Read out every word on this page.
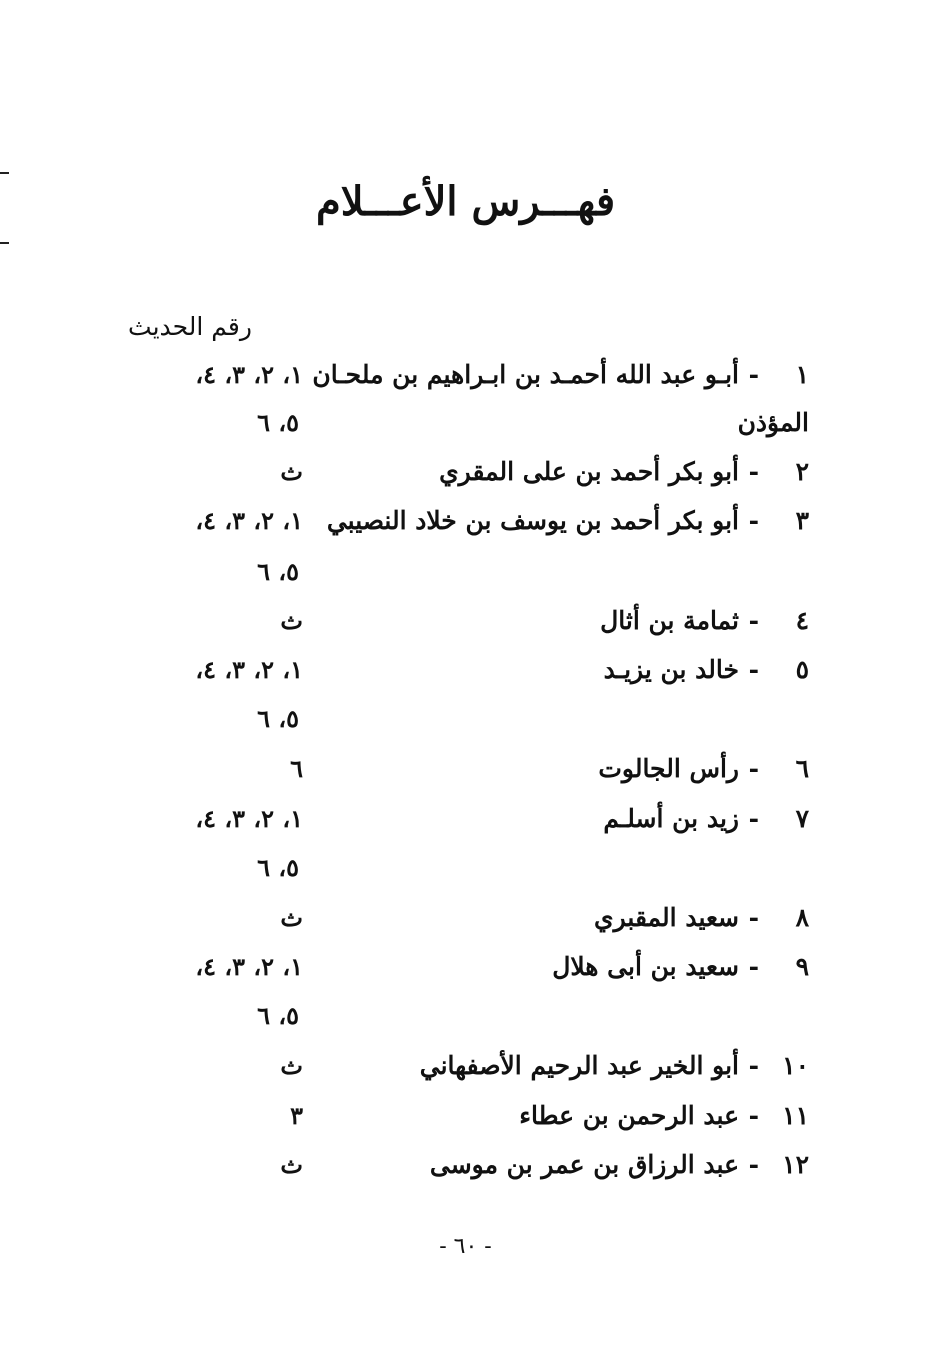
فهـــرس الأعـــلام
رقم الحديث
١
-
أبـو عبد الله أحمـد بن ابـراهيم بن ملحـان
١، ٢، ٣، ٤،
المؤذن
٥، ٦
٢
-
أبو بكر أحمد بن على المقري
ث
٣
-
أبو بكر أحمد بن يوسف بن خلاد النصيبي
١، ٢، ٣، ٤،
٥، ٦
٤
-
ثمامة بن أثال
ث
٥
-
خالد بن يزيـد
١، ٢، ٣، ٤،
٥، ٦
٦
-
رأس الجالوت
٦
٧
-
زيد بن أسلـم
١، ٢، ٣، ٤،
٥، ٦
٨
-
سعيد المقبري
ث
٩
-
سعيد بن أبى هلال
١، ٢، ٣، ٤،
٥، ٦
١٠
-
أبو الخير عبد الرحيم الأصفهاني
ث
١١
-
عبد الرحمن بن عطاء
٣
١٢
-
عبد الرزاق بن عمر بن موسى
ث
- ٦٠ -
